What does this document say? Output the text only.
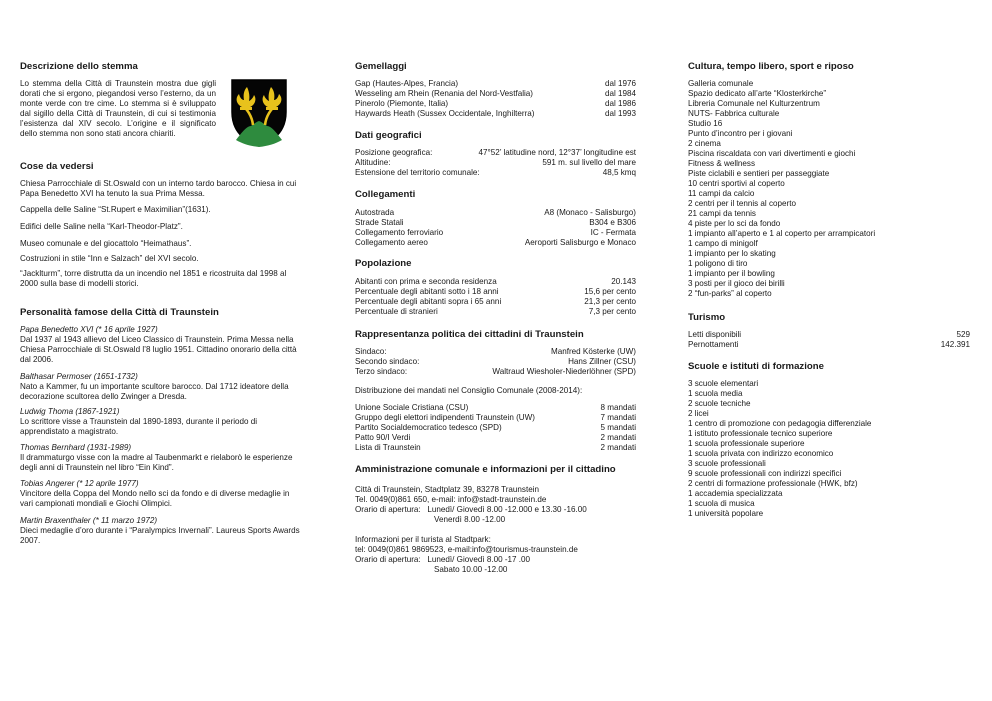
Descrizione dello stemma

Lo stemma della Città di Traunstein mostra due gigli dorati che si ergono, piegandosi verso l’esterno, da un monte verde con tre cime. Lo stemma si è sviluppato dal sigillo della Città di Traunstein, di cui si testimonia l’esistenza dal XIV secolo. L’origine e il significato dello stemma non sono stati ancora chiariti.

Cose da vedersi

Chiesa Parrocchiale di St.Oswald con un interno tardo barocco. Chiesa in cui Papa Benedetto XVI ha tenuto la sua Prima Messa.

Cappella delle Saline “St.Rupert e Maximilian”(1631).

Edifici delle Saline nella “Karl-Theodor-Platz”.

Museo comunale e del giocattolo “Heimathaus”.

Costruzioni in stile “Inn e Salzach” del XVI secolo.

“Jacklturm”, torre distrutta da un incendio nel 1851 e ricostruita dal 1998 al 2000 sulla base di modelli storici.

Personalità famose della Città di Traunstein
Papa Benedetto XVI (* 16 aprile 1927)
Dal 1937 al 1943 allievo del Liceo Classico di Traunstein. Prima Messa nella Chiesa Parrocchiale di St.Oswald l’8 luglio 1951. Cittadino onorario della città dal 2006.
Balthasar Permoser (1651-1732)
Nato a Kammer, fu un importante scultore barocco. Dal 1712 ideatore della decorazione scultorea dello Zwinger a Dresda.
Ludwig Thoma (1867-1921)
Lo scrittore visse a Traunstein dal 1890-1893, durante il periodo di apprendistato a magistrato.
Thomas Bernhard (1931-1989)
Il drammaturgo visse con la madre al Taubenmarkt e rielaborò le esperienze degli anni di Traunstein nel libro “Ein Kind”.
Tobias Angerer (* 12 aprile 1977)
Vincitore della Coppa del Mondo nello sci da fondo e di diverse medaglie in vari campionati mondiali e Giochi Olimpici.
Martin Braxenthaler (* 11 marzo 1972)
Dieci medaglie d’oro durante i “Paralympics Invernali”. Laureus Sports Awards 2007.
Gemellaggi
Gap (Hautes-Alpes, Francia)	dal 1976
Wesseling am Rhein (Renania del Nord-Vestfalia)	dal 1984
Pinerolo (Piemonte, Italia)	dal 1986
Haywards Heath (Sussex Occidentale, Inghilterra)	dal 1993
Dati geografici
Posizione geografica:	47°52’ latitudine nord, 12°37’ longitudine est
Altitudine:	591 m. sul livello del mare
Estensione del territorio comunale:	48,5 kmq
Collegamenti
Autostrada	A8 (Monaco - Salisburgo)
Strade Statali	B304 e B306
Collegamento ferroviario	IC - Fermata
Collegamento aereo	Aeroporti Salisburgo e Monaco
Popolazione
Abitanti con prima e seconda residenza	20.143
Percentuale degli abitanti sotto i 18 anni	15,6 per cento
Percentuale degli abitanti sopra i 65 anni	21,3 per cento
Percentuale di stranieri	7,3 per cento
Rappresentanza politica dei cittadini di Traunstein
Sindaco:	Manfred Kösterke (UW)
Secondo sindaco:	Hans Zillner (CSU)
Terzo sindaco:	Waltraud Wiesholer-Niederlöhner (SPD)

Distribuzione dei mandati nel Consiglio Comunale (2008-2014):

Unione Sociale Cristiana (CSU)	8 mandati
Gruppo degli elettori indipendenti Traunstein (UW)	7 mandati
Partito Socialdemocratico tedesco (SPD)	5 mandati
Patto 90/I Verdi	2 mandati
Lista di Traunstein	2 mandati
Amministrazione comunale e informazioni per il cittadino
Città di Traunstein, Stadtplatz 39, 83278 Traunstein
Tel. 0049(0)861 650, e-mail: info@stadt-traunstein.de
Orario di apertura:   Lunedì/ Giovedì 8.00 -12.000 e 13.30 -16.00
Venerdì 8.00 -12.00
Informazioni per il turista al Stadtpark:
tel: 0049(0)861 9869523, e-mail:info@tourismus-traunstein.de
Orario di apertura:   Lunedì/ Giovedì 8.00 -17 .00
Sabato 10.00 -12.00
Cultura, tempo libero, sport e riposo
Galleria comunale
Spazio dedicato all’arte “Klosterkirche”
Libreria Comunale nel Kulturzentrum
NUTS- Fabbrica culturale
Studio 16
Punto d’incontro per i giovani
2 cinema
Piscina riscaldata con vari divertimenti e giochi
Fitness & wellness
Piste ciclabili e sentieri per passeggiate
10 centri sportivi al coperto
11 campi da calcio
2 centri per il tennis al coperto
21 campi da tennis
4 piste per lo sci da fondo
1 impianto all’aperto e 1 al coperto per arrampicatori
1 campo di minigolf
1 impianto per lo skating
1 poligono di tiro
1 impianto per il bowling
3 posti per il gioco dei birilli
2 “fun-parks” al coperto
Turismo
Letti disponibili	529
Pernottamenti	142.391
Scuole e istituti di formazione
3 scuole elementari
1 scuola media
2 scuole tecniche
2 licei
1 centro di promozione con pedagogia differenziale
1 istituto professionale tecnico superiore
1 scuola professionale superiore
1 scuola privata con indirizzo economico
3 scuole professionali
9 scuole professionali con indirizzi specifici
2 centri di formazione professionale (HWK, bfz)
1 accademia specializzata
1 scuola di musica
1 università popolare
